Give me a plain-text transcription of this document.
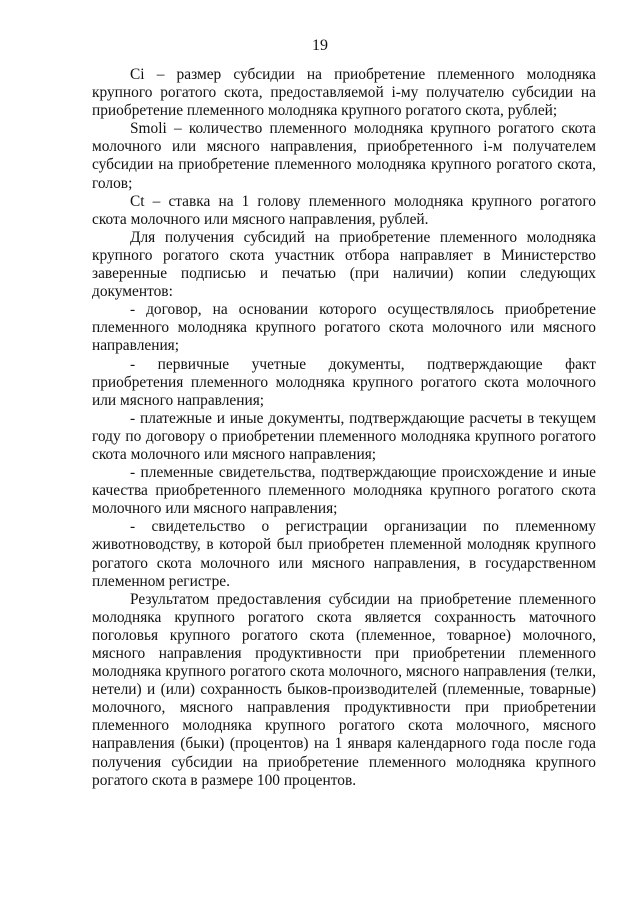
19

Ci – размер субсидии на приобретение племенного молодняка крупного рогатого скота, предоставляемой i-му получателю субсидии на приобретение племенного молодняка крупного рогатого скота, рублей;

Smolі – количество племенного молодняка крупного рогатого скота молочного или мясного направления, приобретенного i-м получателем субсидии на приобретение племенного молодняка крупного рогатого скота, голов;

Ct – ставка на 1 голову племенного молодняка крупного рогатого скота молочного или мясного направления, рублей.

Для получения субсидий на приобретение племенного молодняка крупного рогатого скота участник отбора направляет в Министерство заверенные подписью и печатью (при наличии) копии следующих документов:

- договор, на основании которого осуществлялось приобретение племенного молодняка крупного рогатого скота молочного или мясного направления;

- первичные учетные документы, подтверждающие факт приобретения племенного молодняка крупного рогатого скота молочного или мясного направления;

- платежные и иные документы, подтверждающие расчеты в текущем году по договору о приобретении племенного молодняка крупного рогатого скота молочного или мясного направления;

- племенные свидетельства, подтверждающие происхождение и иные качества приобретенного племенного молодняка крупного рогатого скота молочного или мясного направления;

- свидетельство о регистрации организации по племенному животноводству, в которой был приобретен племенной молодняк крупного рогатого скота молочного или мясного направления, в государственном племенном регистре.

Результатом предоставления субсидии на приобретение племенного молодняка крупного рогатого скота является сохранность маточного поголовья крупного рогатого скота (племенное, товарное) молочного, мясного направления продуктивности при приобретении племенного молодняка крупного рогатого скота молочного, мясного направления (телки, нетели) и (или) сохранность быков-производителей (племенные, товарные) молочного, мясного направления продуктивности при приобретении племенного молодняка крупного рогатого скота молочного, мясного направления (быки) (процентов) на 1 января календарного года после года получения субсидии на приобретение племенного молодняка крупного рогатого скота в размере 100 процентов.
